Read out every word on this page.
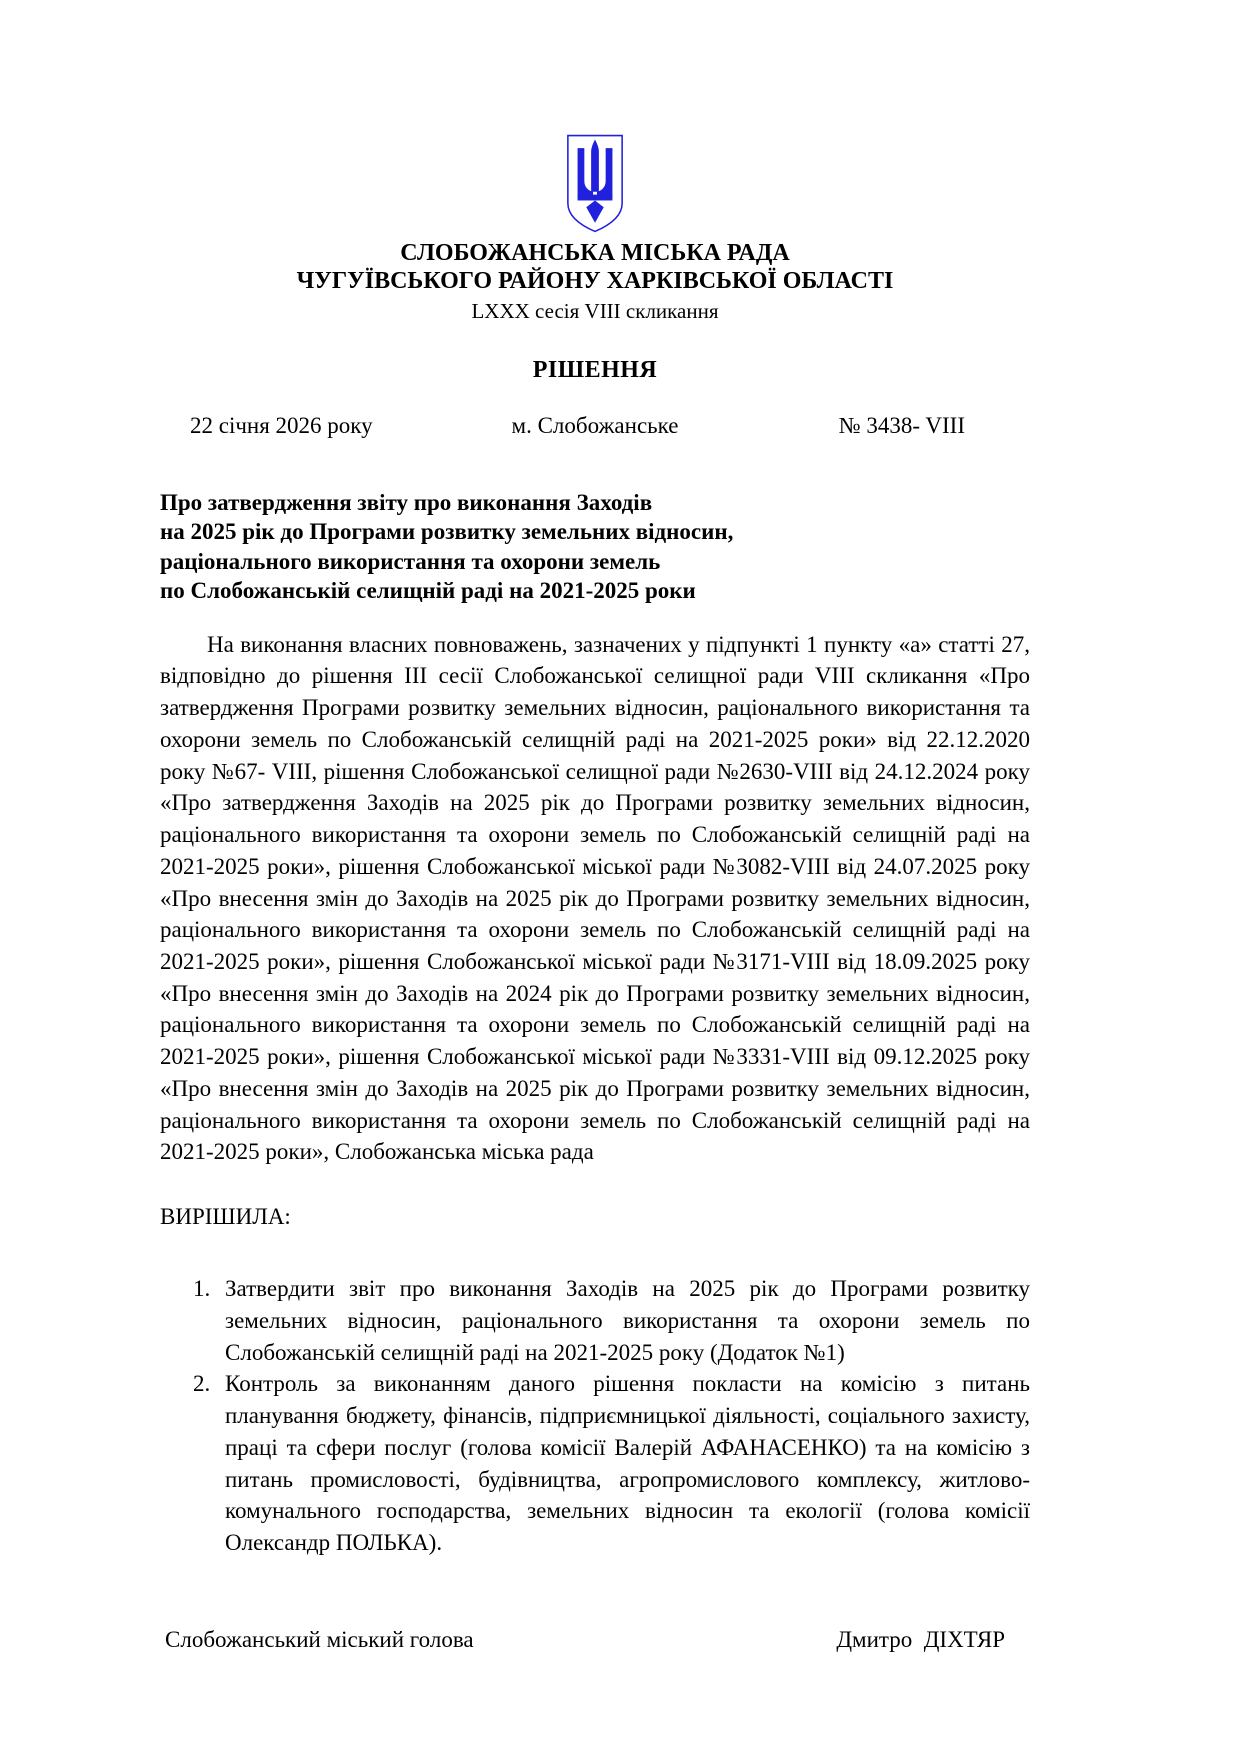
СЛОБОЖАНСЬКА МІСЬКА РАДА
ЧУГУЇВСЬКОГО РАЙОНУ ХАРКІВСЬКОЇ ОБЛАСТІ
LXXX сесія VIII скликання
РІШЕННЯ
22 січня 2026 року	м. Слобожанське	№ 3438- VIII
Про затвердження звіту про виконання Заходів
на 2025 рік до Програми розвитку земельних відносин,
раціонального використання та охорони земель
по Слобожанській селищній раді на 2021-2025 роки
На виконання власних повноважень, зазначених у підпункті 1 пункту «а» статті 27, відповідно до рішення ІІІ сесії Слобожанської селищної ради VIII скликання «Про затвердження Програми розвитку земельних відносин, раціонального використання та охорони земель по Слобожанській селищній раді на 2021-2025 роки» від 22.12.2020 року №67- VIII, рішення Слобожанської селищної ради №2630-VIII від 24.12.2024 року «Про затвердження Заходів на 2025 рік до Програми розвитку земельних відносин, раціонального використання та охорони земель по Слобожанській селищній раді на 2021-2025 роки», рішення Слобожанської міської ради №3082-VIII від 24.07.2025 року «Про внесення змін до Заходів на 2025 рік до Програми розвитку земельних відносин, раціонального використання та охорони земель по Слобожанській селищній раді на 2021-2025 роки», рішення Слобожанської міської ради №3171-VIII від 18.09.2025 року «Про внесення змін до Заходів на 2024 рік до Програми розвитку земельних відносин, раціонального використання та охорони земель по Слобожанській селищній раді на 2021-2025 роки», рішення Слобожанської міської ради №3331-VIII від 09.12.2025 року «Про внесення змін до Заходів на 2025 рік до Програми розвитку земельних відносин, раціонального використання та охорони земель по Слобожанській селищній раді на 2021-2025 роки», Слобожанська міська рада
ВИРІШИЛА:
1. Затвердити звіт про виконання Заходів на 2025 рік до Програми розвитку земельних відносин, раціонального використання та охорони земель по Слобожанській селищній раді на 2021-2025 року (Додаток №1)
2. Контроль за виконанням даного рішення покласти на комісію з питань планування бюджету, фінансів, підприємницької діяльності, соціального захисту, праці та сфери послуг (голова комісії Валерій АФАНАСЕНКО) та на комісію з питань промисловості, будівництва, агропромислового комплексу, житлово-комунального господарства, земельних відносин та екології (голова комісії Олександр ПОЛЬКА).
Слобожанський міський голова	Дмитро  ДІХТЯР
